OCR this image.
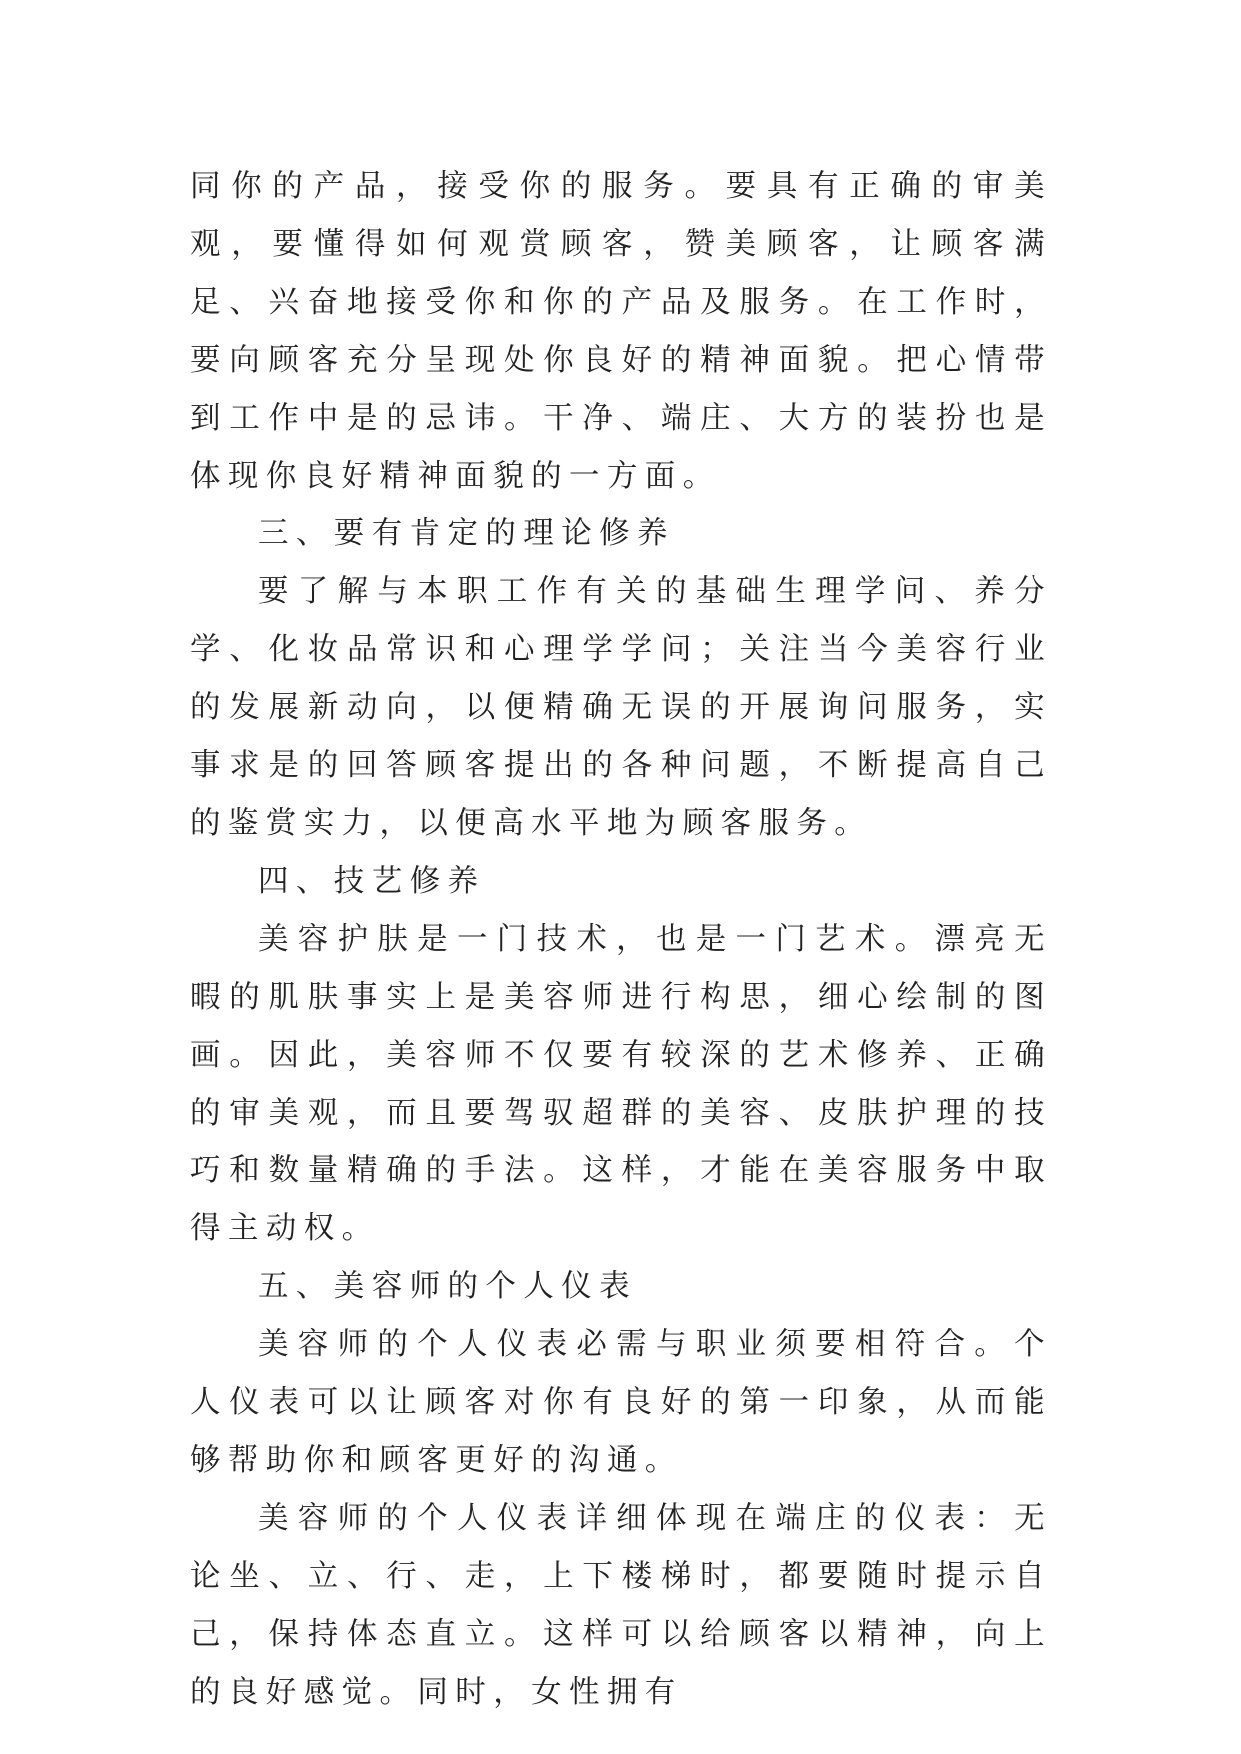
同你的产品，接受你的服务。要具有正确的审美观，要懂得如何观赏顾客，赞美顾客，让顾客满足、兴奋地接受你和你的产品及服务。在工作时，要向顾客充分呈现处你良好的精神面貌。把心情带到工作中是的忌讳。干净、端庄、大方的装扮也是体现你良好精神面貌的一方面。

三、要有肯定的理论修养

要了解与本职工作有关的基础生理学问、养分学、化妆品常识和心理学学问；关注当今美容行业的发展新动向，以便精确无误的开展询问服务，实事求是的回答顾客提出的各种问题，不断提高自己的鉴赏实力，以便高水平地为顾客服务。

四、技艺修养

美容护肤是一门技术，也是一门艺术。漂亮无暇的肌肤事实上是美容师进行构思，细心绘制的图画。因此，美容师不仅要有较深的艺术修养、正确的审美观，而且要驾驭超群的美容、皮肤护理的技巧和数量精确的手法。这样，才能在美容服务中取得主动权。

五、美容师的个人仪表

美容师的个人仪表必需与职业须要相符合。个人仪表可以让顾客对你有良好的第一印象，从而能够帮助你和顾客更好的沟通。

美容师的个人仪表详细体现在端庄的仪表：无论坐、立、行、走，上下楼梯时，都要随时提示自己，保持体态直立。这样可以给顾客以精神，向上的良好感觉。同时，女性拥有
